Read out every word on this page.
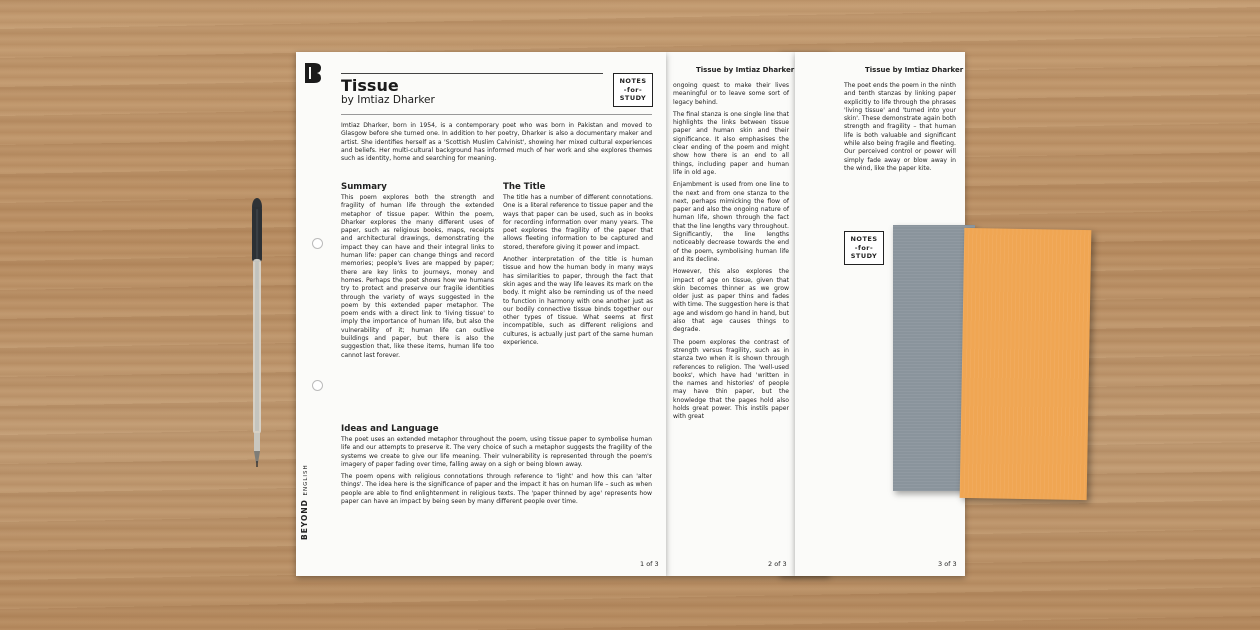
BEYOND ENGLISH
Tissue
by Imtiaz Dharker
NOTES
-for-
STUDY

Imtiaz Dharker, born in 1954, is a contemporary poet who was born in Pakistan and moved to Glasgow before she turned one. In addition to her poetry, Dharker is also a documentary maker and artist. She identifies herself as a 'Scottish Muslim Calvinist', showing her mixed cultural experiences and beliefs. Her multi-cultural background has informed much of her work and she explores themes such as identity, home and searching for meaning.

Summary

This poem explores both the strength and fragility of human life through the extended metaphor of tissue paper. Within the poem, Dharker explores the many different uses of paper, such as religious books, maps, receipts and architectural drawings, demonstrating the impact they can have and their integral links to human life: paper can change things and record memories; people's lives are mapped by paper; there are key links to journeys, money and homes. Perhaps the poet shows how we humans try to protect and preserve our fragile identities through the variety of ways suggested in the poem by this extended paper metaphor. The poem ends with a direct link to 'living tissue' to imply the importance of human life, but also the vulnerability of it; human life can outlive buildings and paper, but there is also the suggestion that, like these items, human life too cannot last forever.

The Title

The title has a number of different connotations. One is a literal reference to tissue paper and the ways that paper can be used, such as in books for recording information over many years. The poet explores the fragility of the paper that allows fleeting information to be captured and stored, therefore giving it power and impact.

Another interpretation of the title is human tissue and how the human body in many ways has similarities to paper, through the fact that skin ages and the way life leaves its mark on the body. It might also be reminding us of the need to function in harmony with one another just as our bodily connective tissue binds together our other types of tissue. What seems at first incompatible, such as different religions and cultures, is actually just part of the same human experience.

Ideas and Language

The poet uses an extended metaphor throughout the poem, using tissue paper to symbolise human life and our attempts to preserve it. The very choice of such a metaphor suggests the fragility of the systems we create to give our life meaning. Their vulnerability is represented through the poem's imagery of paper fading over time, falling away on a sigh or being blown away.

The poem opens with religious connotations through reference to 'light' and how this can 'alter things'. The idea here is the significance of paper and the impact it has on human life – such as when people are able to find enlightenment in religious texts. The 'paper thinned by age' represents how paper can have an impact by being seen by many different people over time.

1 of 3
Tissue by Imtiaz Dharker

ongoing quest to make their lives meaningful or to leave some sort of legacy behind.

The final stanza is one single line that highlights the links between tissue paper and human skin and their significance. It also emphasises the clear ending of the poem and might show how there is an end to all things, including paper and human life in old age.

Enjambment is used from one line to the next and from one stanza to the next, perhaps mimicking the flow of paper and also the ongoing nature of human life, shown through the fact that the line lengths vary throughout. Significantly, the line lengths noticeably decrease towards the end of the poem, symbolising human life and its decline.

However, this also explores the impact of age on tissue, given that skin becomes thinner as we grow older just as paper thins and fades with time. The suggestion here is that age and wisdom go hand in hand, but also that age causes things to degrade.

The poem explores the contrast of strength versus fragility, such as in stanza two when it is shown through references to religion. The 'well-used books', which have had 'written in the names and histories' of people may have thin paper, but the knowledge that the pages hold also holds great power. This instils paper with great

2 of 3
Tissue by Imtiaz Dharker

The poet ends the poem in the ninth and tenth stanzas by linking paper explicitly to life through the phrases 'living tissue' and 'turned into your skin'. These demonstrate again both strength and fragility – that human life is both valuable and significant while also being fragile and fleeting. Our perceived control or power will simply fade away or blow away in the wind, like the paper kite.

NOTES
-for-
STUDY
3 of 3
